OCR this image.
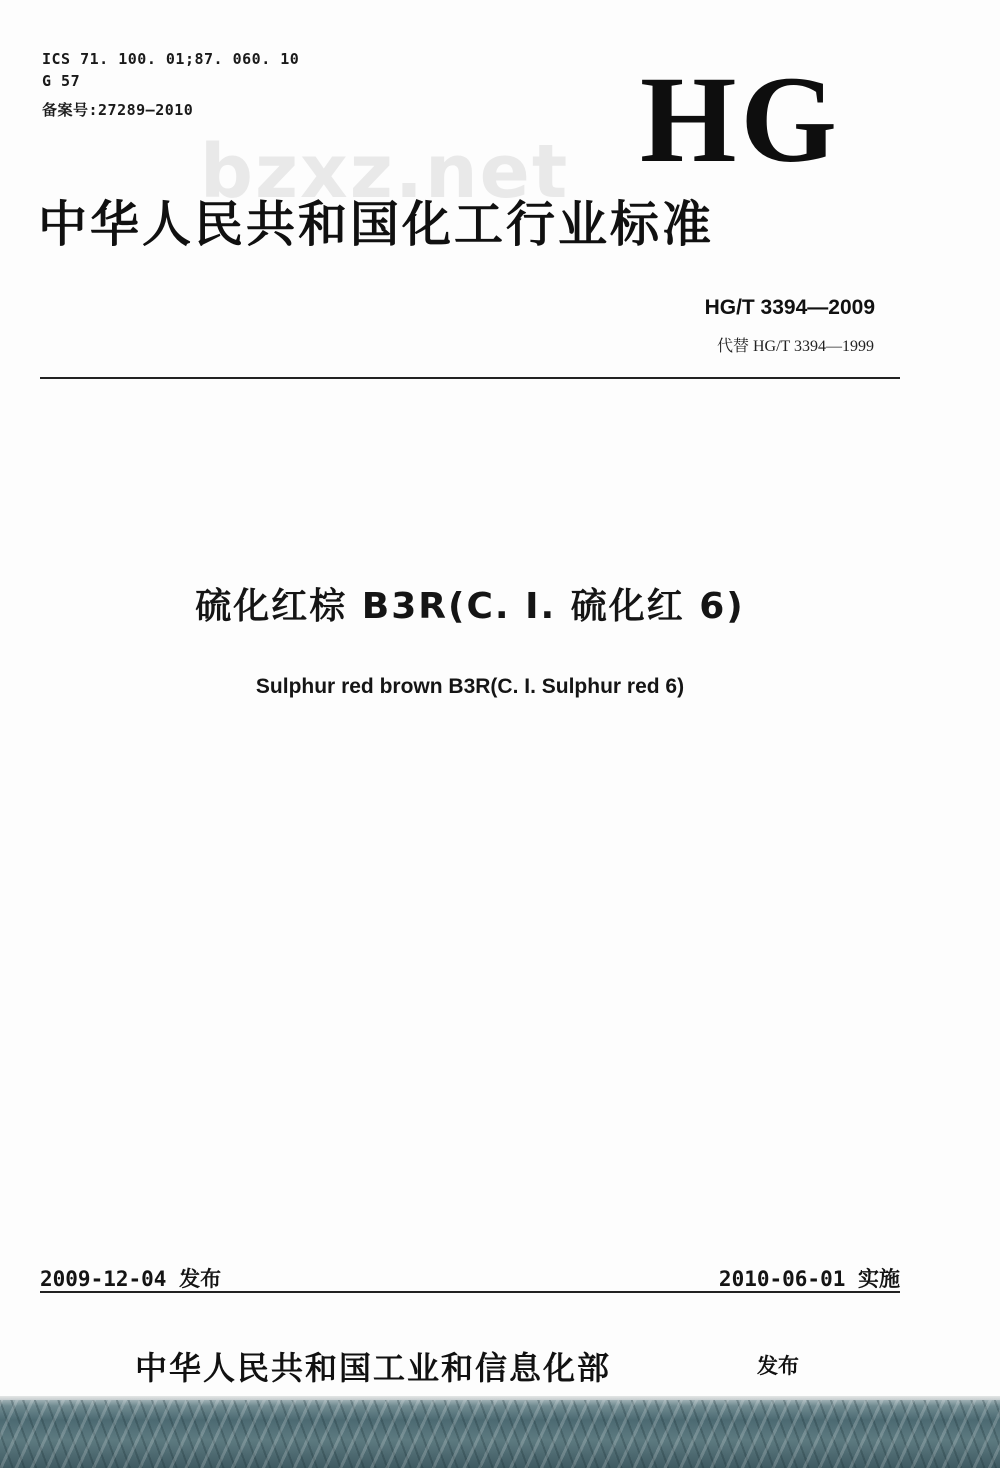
ICS 71. 100. 01;87. 060. 10
G 57
备案号:27289—2010	HG
bzxz.net
中华人民共和国化工行业标准
HG/T 3394—2009
代替 HG/T 3394—1999
硫化红棕 B3R(C. I. 硫化红 6)
Sulphur red brown B3R(C. I. Sulphur red 6)
2009-12-04 发布	2010-06-01 实施
中华人民共和国工业和信息化部	发布
